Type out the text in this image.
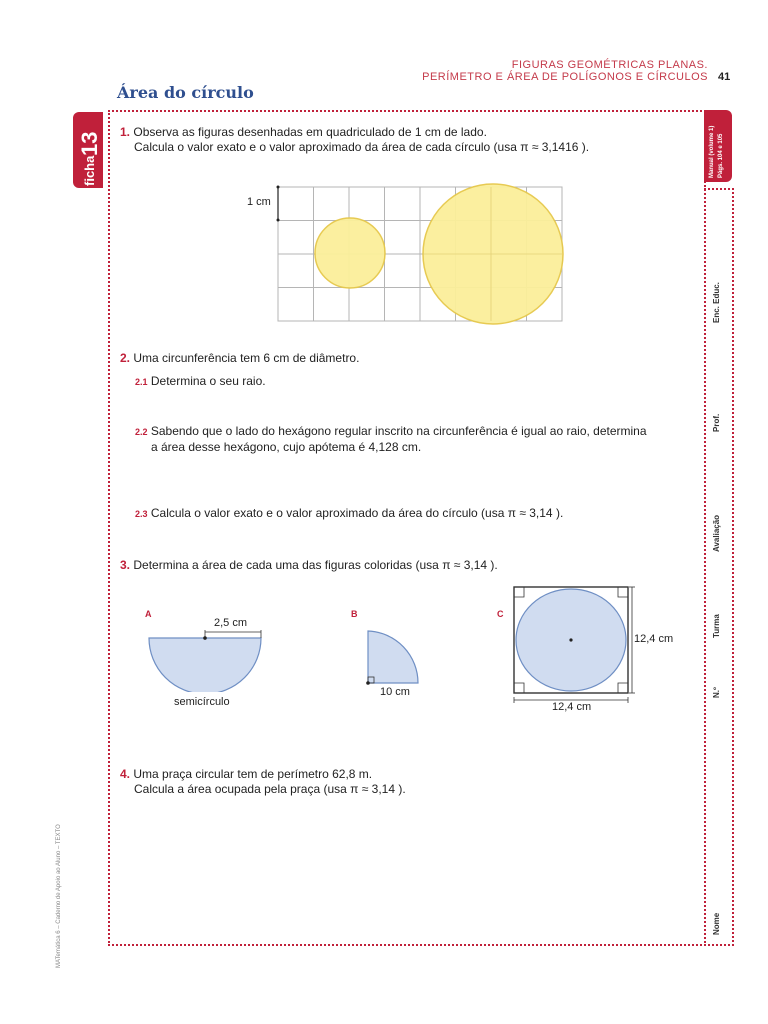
FIGURAS GEOMÉTRICAS PLANAS.
PERÍMETRO E ÁREA DE POLÍGONOS E CÍRCULOS 41
Área do círculo
13
ficha	Manual (volume 1) Págs. 104 e 105
Enc. Educ.
Prof.
Avaliação
Turma
N.º
Nome
MATemática 6 – Caderno de Apoio ao Aluno – TEXTO
1. Observa as figuras desenhadas em quadriculado de 1 cm de lado.
Calcula o valor exato e o valor aproximado da área de cada círculo (usa π ≈ 3,1416 ).
1 cm
2. Uma circunferência tem 6 cm de diâmetro.
2.1 Determina o seu raio.
2.2 Sabendo que o lado do hexágono regular inscrito na circunferência é igual ao raio, determina
a área desse hexágono, cujo apótema é 4,128 cm.
2.3 Calcula o valor exato e o valor aproximado da área do círculo (usa π ≈ 3,14 ).
3. Determina a área de cada uma das figuras coloridas (usa π ≈ 3,14 ).
A
2,5 cm
semicírculo
B
10 cm
C
12,4 cm
12,4 cm
4. Uma praça circular tem de perímetro 62,8 m.
Calcula a área ocupada pela praça (usa π ≈ 3,14 ).
